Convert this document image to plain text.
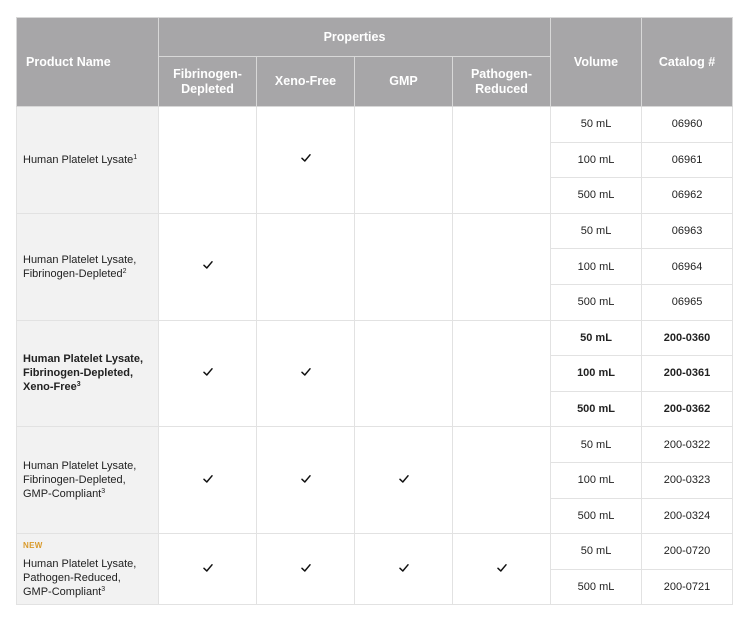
Product Name	Properties				Volume	Catalog #
	Fibrinogen-Depleted	Xeno-Free	GMP	Pathogen-Reduced		
Human Platelet Lysate$^1$					50 mL	06960
					100 mL	06961
					500 mL	06962
Human Platelet Lysate,
Fibrinogen-Depleted$^2$					50 mL	06963
					100 mL	06964
					500 mL	06965
Human Platelet Lysate,
Fibrinogen-Depleted,
Xeno-Free$^3$					50 mL	200-0360
					100 mL	200-0361
					500 mL	200-0362
Human Platelet Lysate,
Fibrinogen-Depleted,
GMP-Compliant$^3$					50 mL	200-0322
					100 mL	200-0323
					500 mL	200-0324

NEW
Human Platelet Lysate,
Pathogen-Reduced,
GMP-Compliant$^3$					50 mL	200-0720
					500 mL	200-0721
